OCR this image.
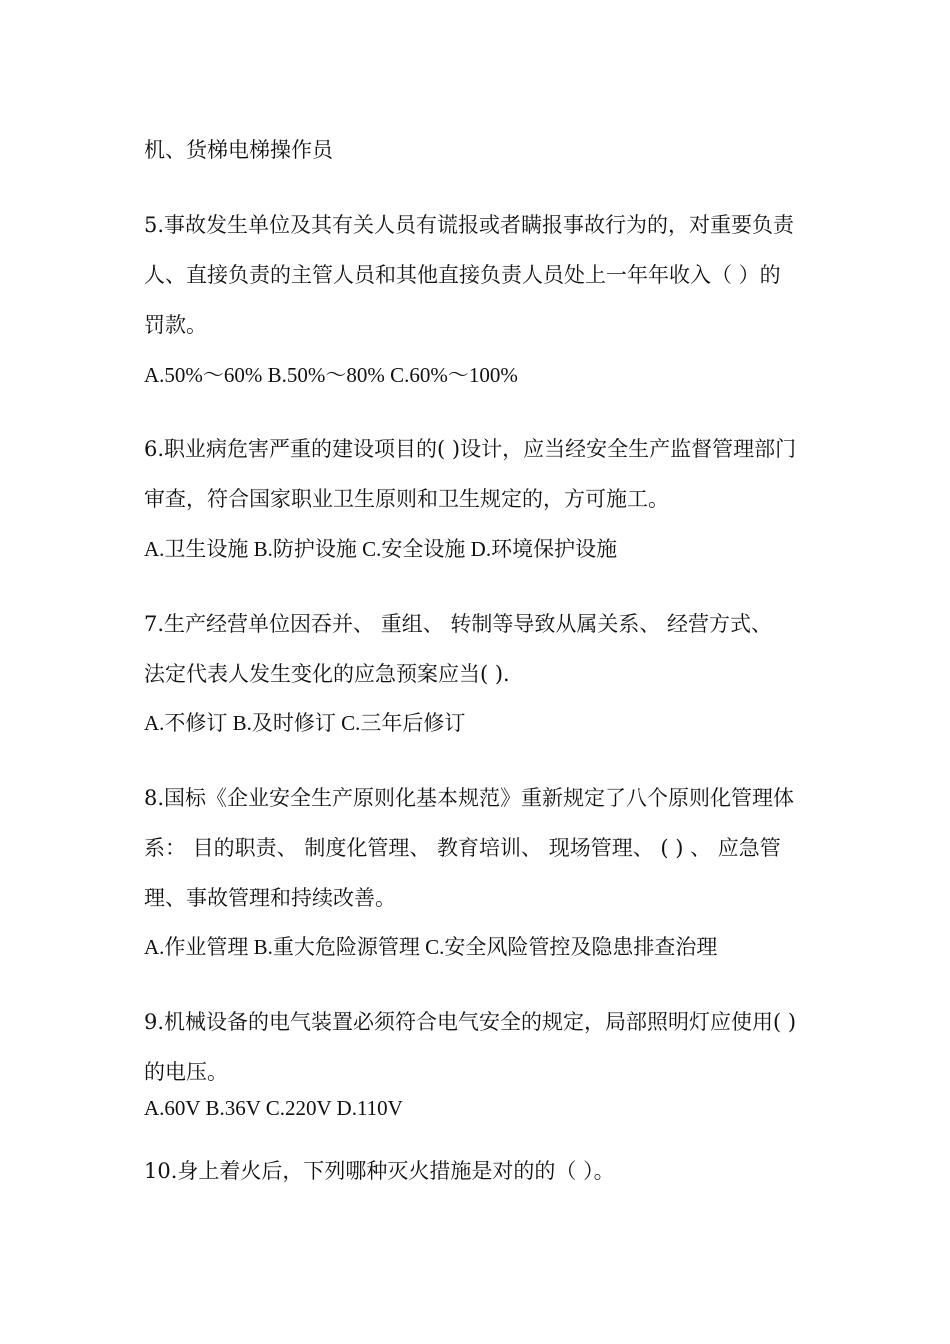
机、货梯电梯操作员
5.事故发生单位及其有关人员有谎报或者瞒报事故行为的，对重要负责
人、直接负责的主管人员和其他直接负责人员处上一年年收入（ ）的
罚款。
A.50%～60% B.50%～80% C.60%～100%
6.职业病危害严重的建设项目的( )设计，应当经安全生产监督管理部门
审查，符合国家职业卫生原则和卫生规定的，方可施工。
A.卫生设施 B.防护设施 C.安全设施 D.环境保护设施
7.生产经营单位因吞并、 重组、 转制等导致从属关系、 经营方式、
法定代表人发生变化的应急预案应当( ).
A.不修订 B.及时修订 C.三年后修订
8.国标《企业安全生产原则化基本规范》重新规定了八个原则化管理体
系： 目的职责、 制度化管理、 教育培训、 现场管理、 ( ) 、 应急管
理、事故管理和持续改善。
A.作业管理 B.重大危险源管理 C.安全风险管控及隐患排查治理
9.机械设备的电气装置必须符合电气安全的规定，局部照明灯应使用( )
的电压。
A.60V B.36V C.220V D.110V
10.身上着火后，下列哪种灭火措施是对的的（ ）。
